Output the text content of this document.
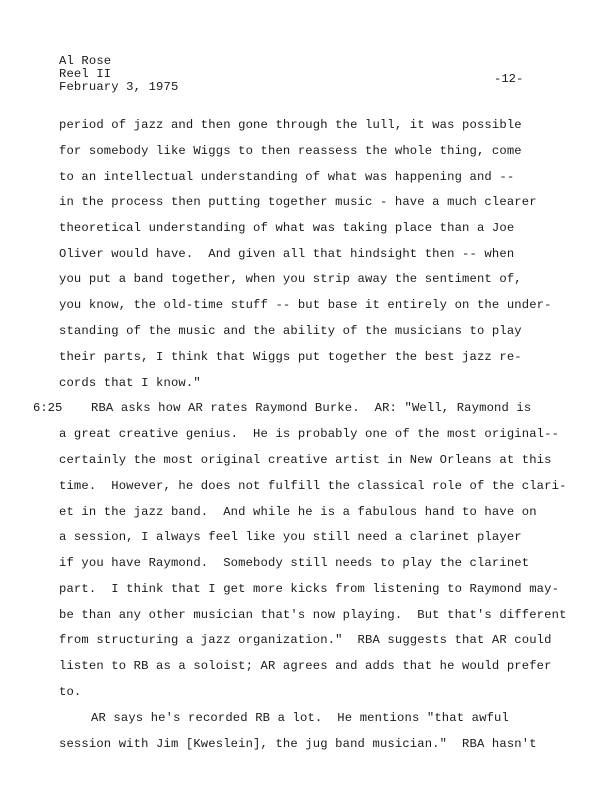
Al Rose
Reel II
February 3, 1975
-12-
period of jazz and then gone through the lull, it was possible
for somebody like Wiggs to then reassess the whole thing, come
to an intellectual understanding of what was happening and --
in the process then putting together music - have a much clearer
theoretical understanding of what was taking place than a Joe
Oliver would have.  And given all that hindsight then -- when
you put a band together, when you strip away the sentiment of,
you know, the old-time stuff -- but base it entirely on the under-
standing of the music and the ability of the musicians to play
their parts, I think that Wiggs put together the best jazz re-
cords that I know."
6:25 RBA asks how AR rates Raymond Burke.  AR: "Well, Raymond is
a great creative genius.  He is probably one of the most original--
certainly the most original creative artist in New Orleans at this
time.  However, he does not fulfill the classical role of the clari-
et in the jazz band.  And while he is a fabulous hand to have on
a session, I always feel like you still need a clarinet player
if you have Raymond.  Somebody still needs to play the clarinet
part.  I think that I get more kicks from listening to Raymond may-
be than any other musician that's now playing.  But that's different
from structuring a jazz organization."  RBA suggests that AR could
listen to RB as a soloist; AR agrees and adds that he would prefer
to.
AR says he's recorded RB a lot.  He mentions "that awful
session with Jim [Kweslein], the jug band musician."  RBA hasn't
